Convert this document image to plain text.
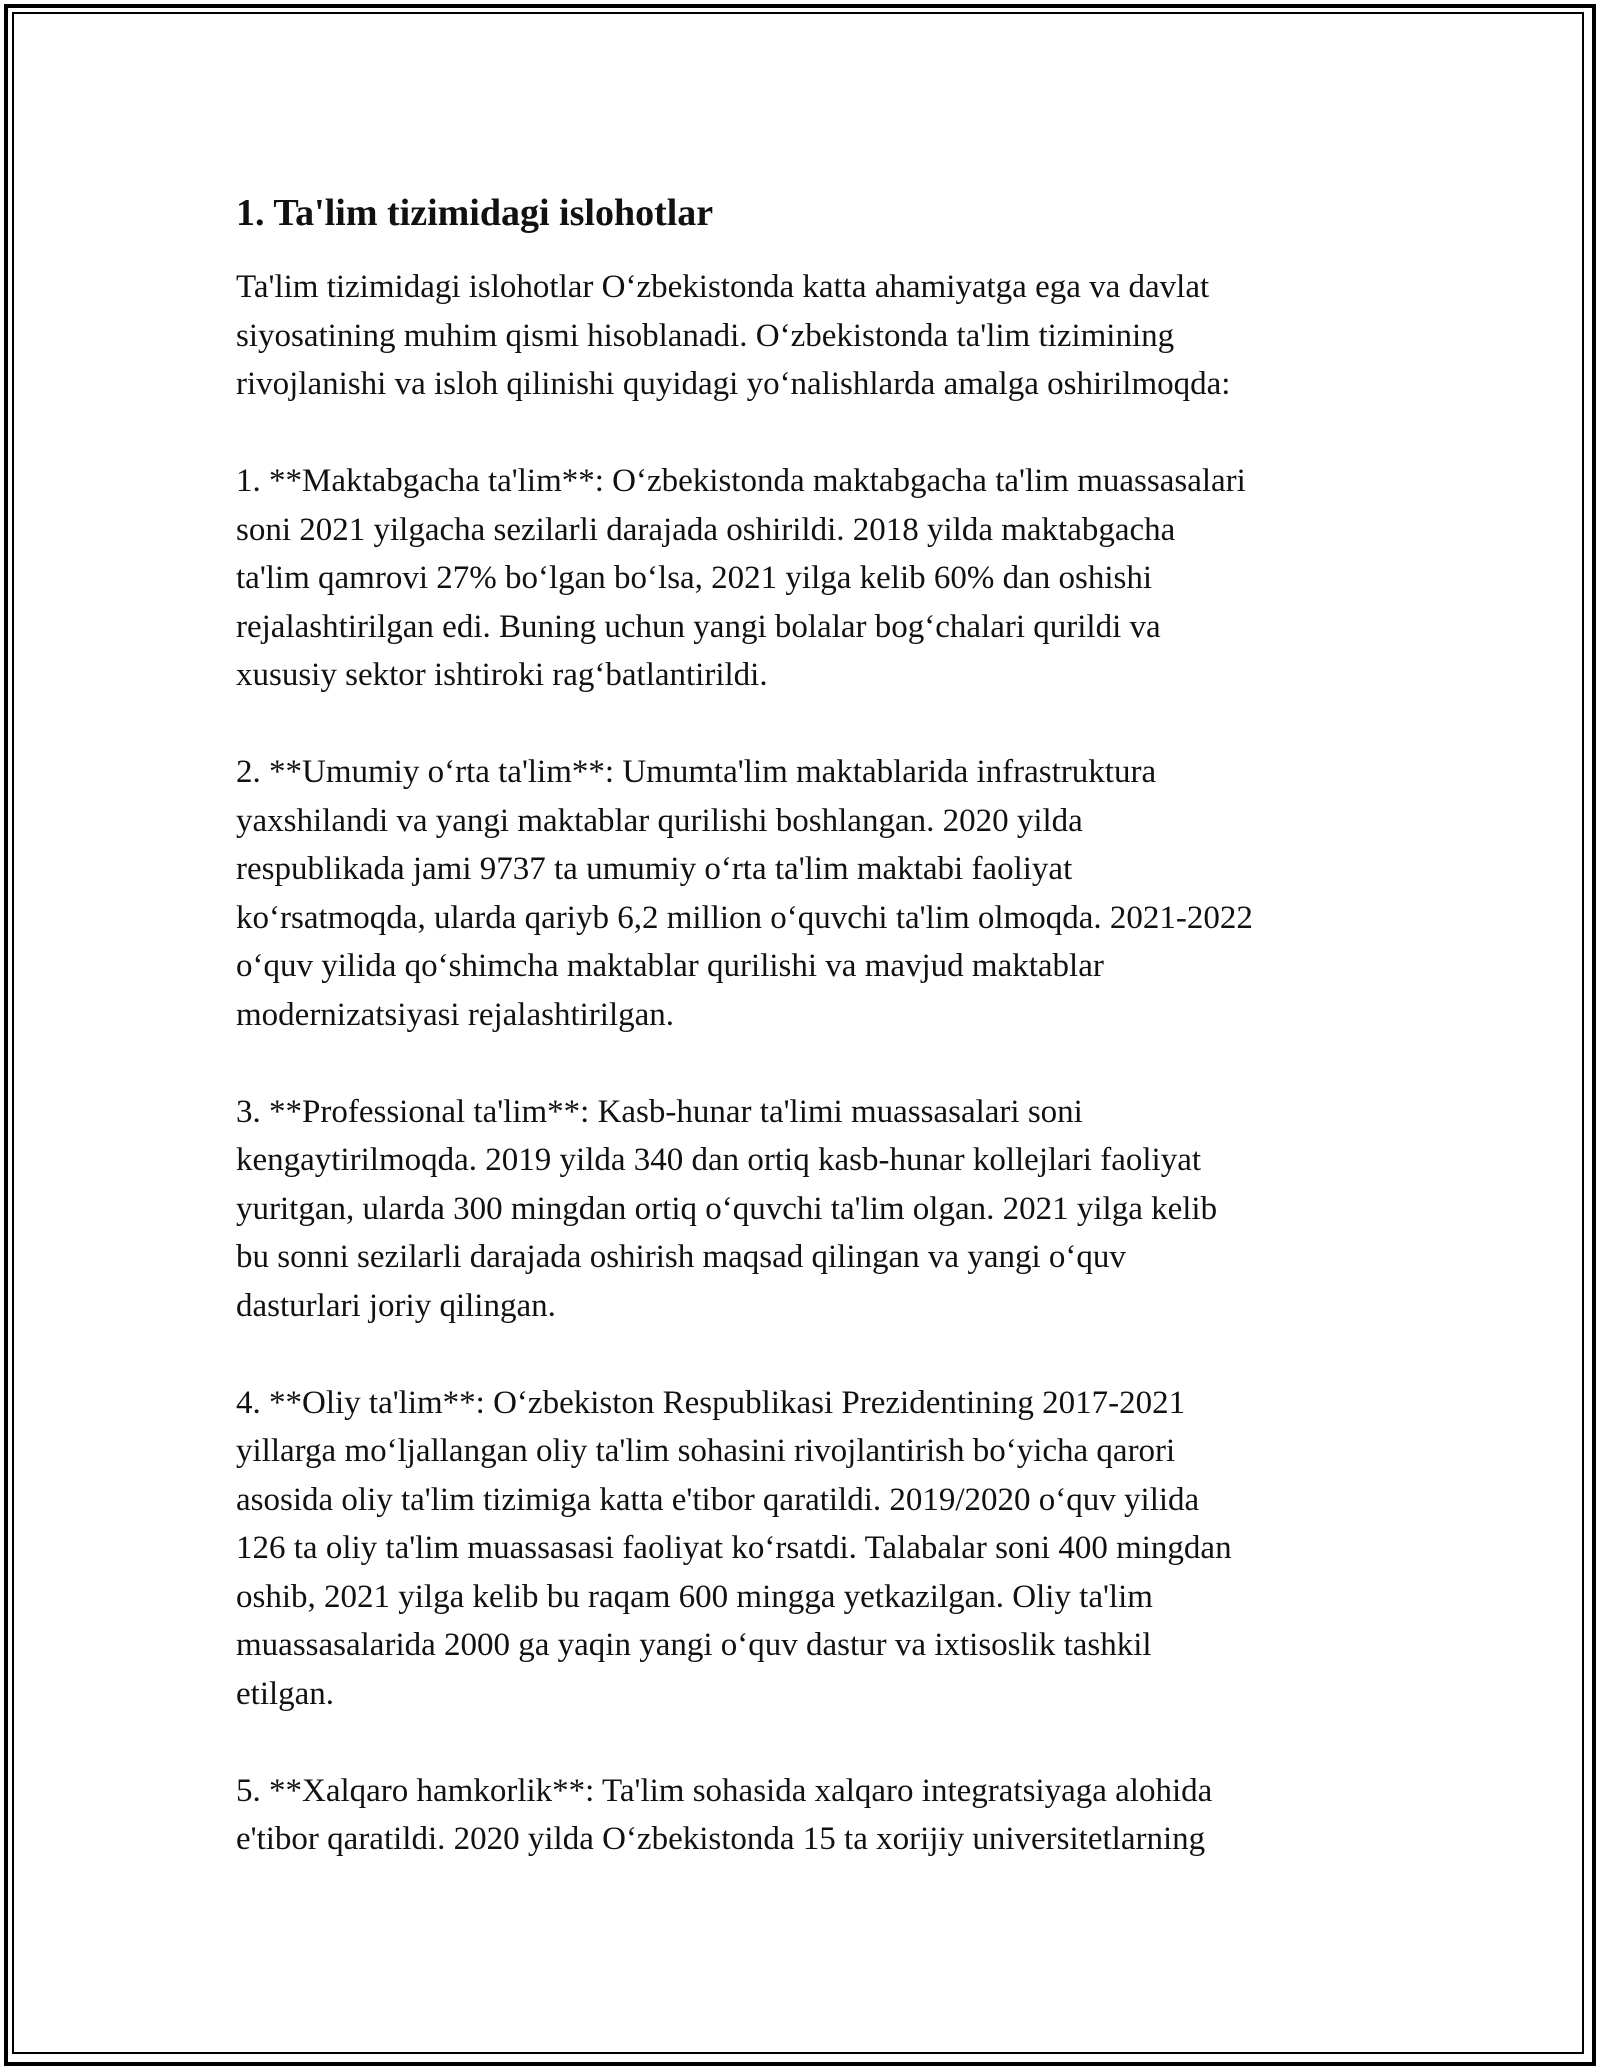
1. Ta'lim tizimidagi islohotlar

Ta'lim tizimidagi islohotlar O‘zbekistonda katta ahamiyatga ega va davlat
siyosatining muhim qismi hisoblanadi. O‘zbekistonda ta'lim tizimining
rivojlanishi va isloh qilinishi quyidagi yo‘nalishlarda amalga oshirilmoqda:

1. **Maktabgacha ta'lim**: O‘zbekistonda maktabgacha ta'lim muassasalari
soni 2021 yilgacha sezilarli darajada oshirildi. 2018 yilda maktabgacha
ta'lim qamrovi 27% bo‘lgan bo‘lsa, 2021 yilga kelib 60% dan oshishi
rejalashtirilgan edi. Buning uchun yangi bolalar bog‘chalari qurildi va
xususiy sektor ishtiroki rag‘batlantirildi.

2. **Umumiy o‘rta ta'lim**: Umumta'lim maktablarida infrastruktura
yaxshilandi va yangi maktablar qurilishi boshlangan. 2020 yilda
respublikada jami 9737 ta umumiy o‘rta ta'lim maktabi faoliyat
ko‘rsatmoqda, ularda qariyb 6,2 million o‘quvchi ta'lim olmoqda. 2021-2022
o‘quv yilida qo‘shimcha maktablar qurilishi va mavjud maktablar
modernizatsiyasi rejalashtirilgan.

3. **Professional ta'lim**: Kasb-hunar ta'limi muassasalari soni
kengaytirilmoqda. 2019 yilda 340 dan ortiq kasb-hunar kollejlari faoliyat
yuritgan, ularda 300 mingdan ortiq o‘quvchi ta'lim olgan. 2021 yilga kelib
bu sonni sezilarli darajada oshirish maqsad qilingan va yangi o‘quv
dasturlari joriy qilingan.

4. **Oliy ta'lim**: O‘zbekiston Respublikasi Prezidentining 2017-2021
yillarga mo‘ljallangan oliy ta'lim sohasini rivojlantirish bo‘yicha qarori
asosida oliy ta'lim tizimiga katta e'tibor qaratildi. 2019/2020 o‘quv yilida
126 ta oliy ta'lim muassasasi faoliyat ko‘rsatdi. Talabalar soni 400 mingdan
oshib, 2021 yilga kelib bu raqam 600 mingga yetkazilgan. Oliy ta'lim
muassasalarida 2000 ga yaqin yangi o‘quv dastur va ixtisoslik tashkil
etilgan.

5. **Xalqaro hamkorlik**: Ta'lim sohasida xalqaro integratsiyaga alohida
e'tibor qaratildi. 2020 yilda O‘zbekistonda 15 ta xorijiy universitetlarning
